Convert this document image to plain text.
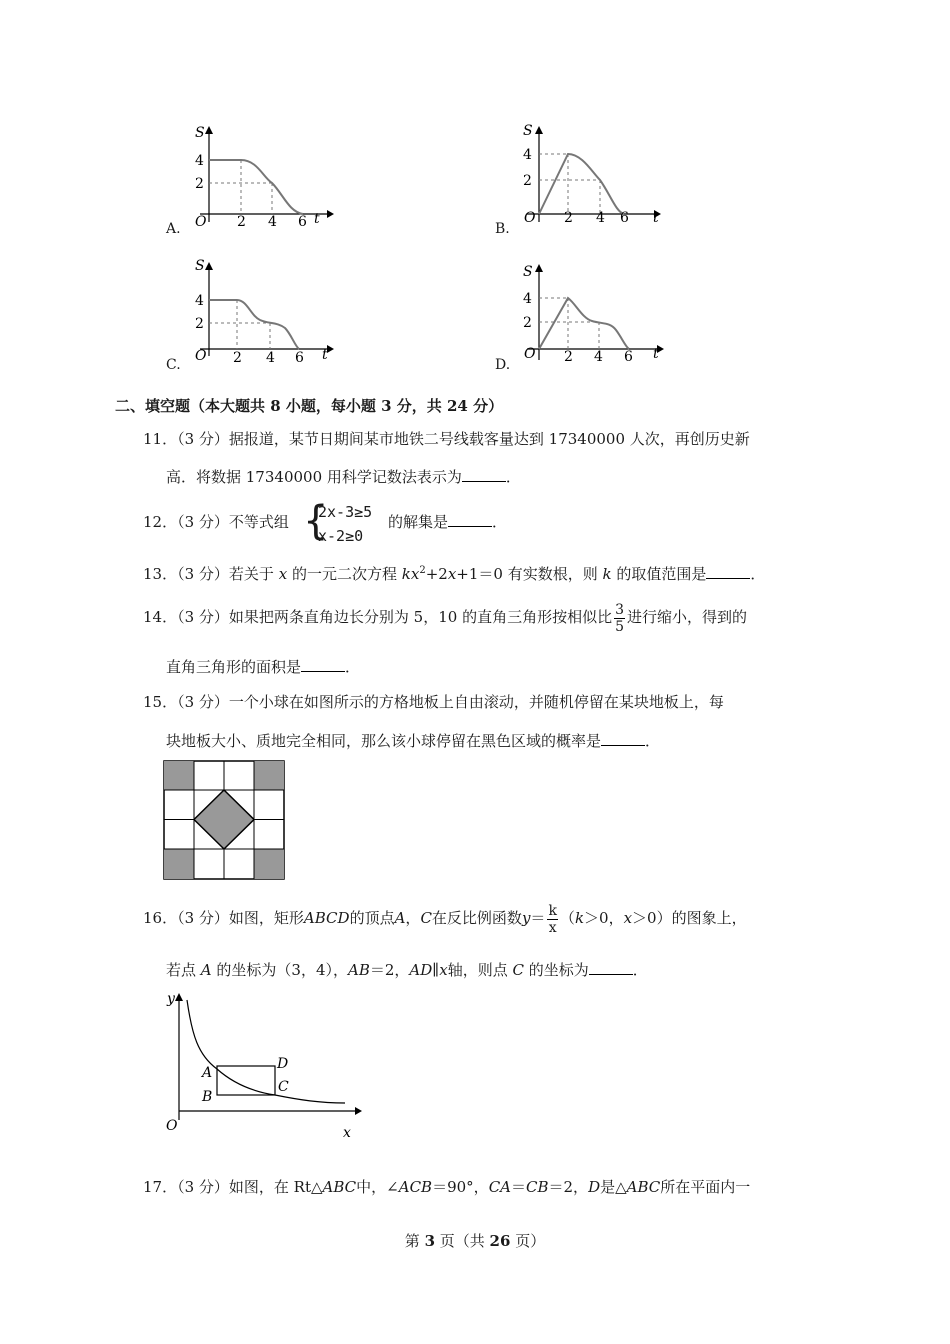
S
4
2
O 2 4 6 t
A.
S
4
2
O 2 4 6 t
B.
S
4
2
O 2 4 6 t
C.
S
4
2
O 2 4 6 t
D.
二、填空题（本大题共 8 小题，每小题 3 分，共 24 分）
11．（3 分）据报道，某节日期间某市地铁二号线载客量达到 17340000 人次，再创历史新
高．将数据 17340000 用科学记数法表示为	．
12．（3 分）不等式组 {
2x-3≥5
x-2≥0
的解集是	．
13．（3 分）若关于 x 的一元二次方程 $kx^2+2x+1=0$ 有实数根，则 k 的取值范围是	．
14．（3 分）如果把两条直角边长分别为 5，10 的直角三角形按相似比 $\frac{3}{5}$ 进行缩小，得到的
直角三角形的面积是	．
15．（3 分）一个小球在如图所示的方格地板上自由滚动，并随机停留在某块地板上，每
块地板大小、质地完全相同，那么该小球停留在黑色区域的概率是	．
16．（3 分）如图，矩形ABCD的顶点A，C在反比例函数$y= \frac{k}{x} (k>0$，x＞0）的图象上，
若点 A 的坐标为（3，4），AB＝2，AD∥x轴，则点 C 的坐标为	．
y
x
O
A
B
C
D
17．（3 分）如图，在 Rt△ABC中，∠ACB＝90°，CA＝CB＝2，D是△ABC所在平面内一
第 3 页（共 26 页）
